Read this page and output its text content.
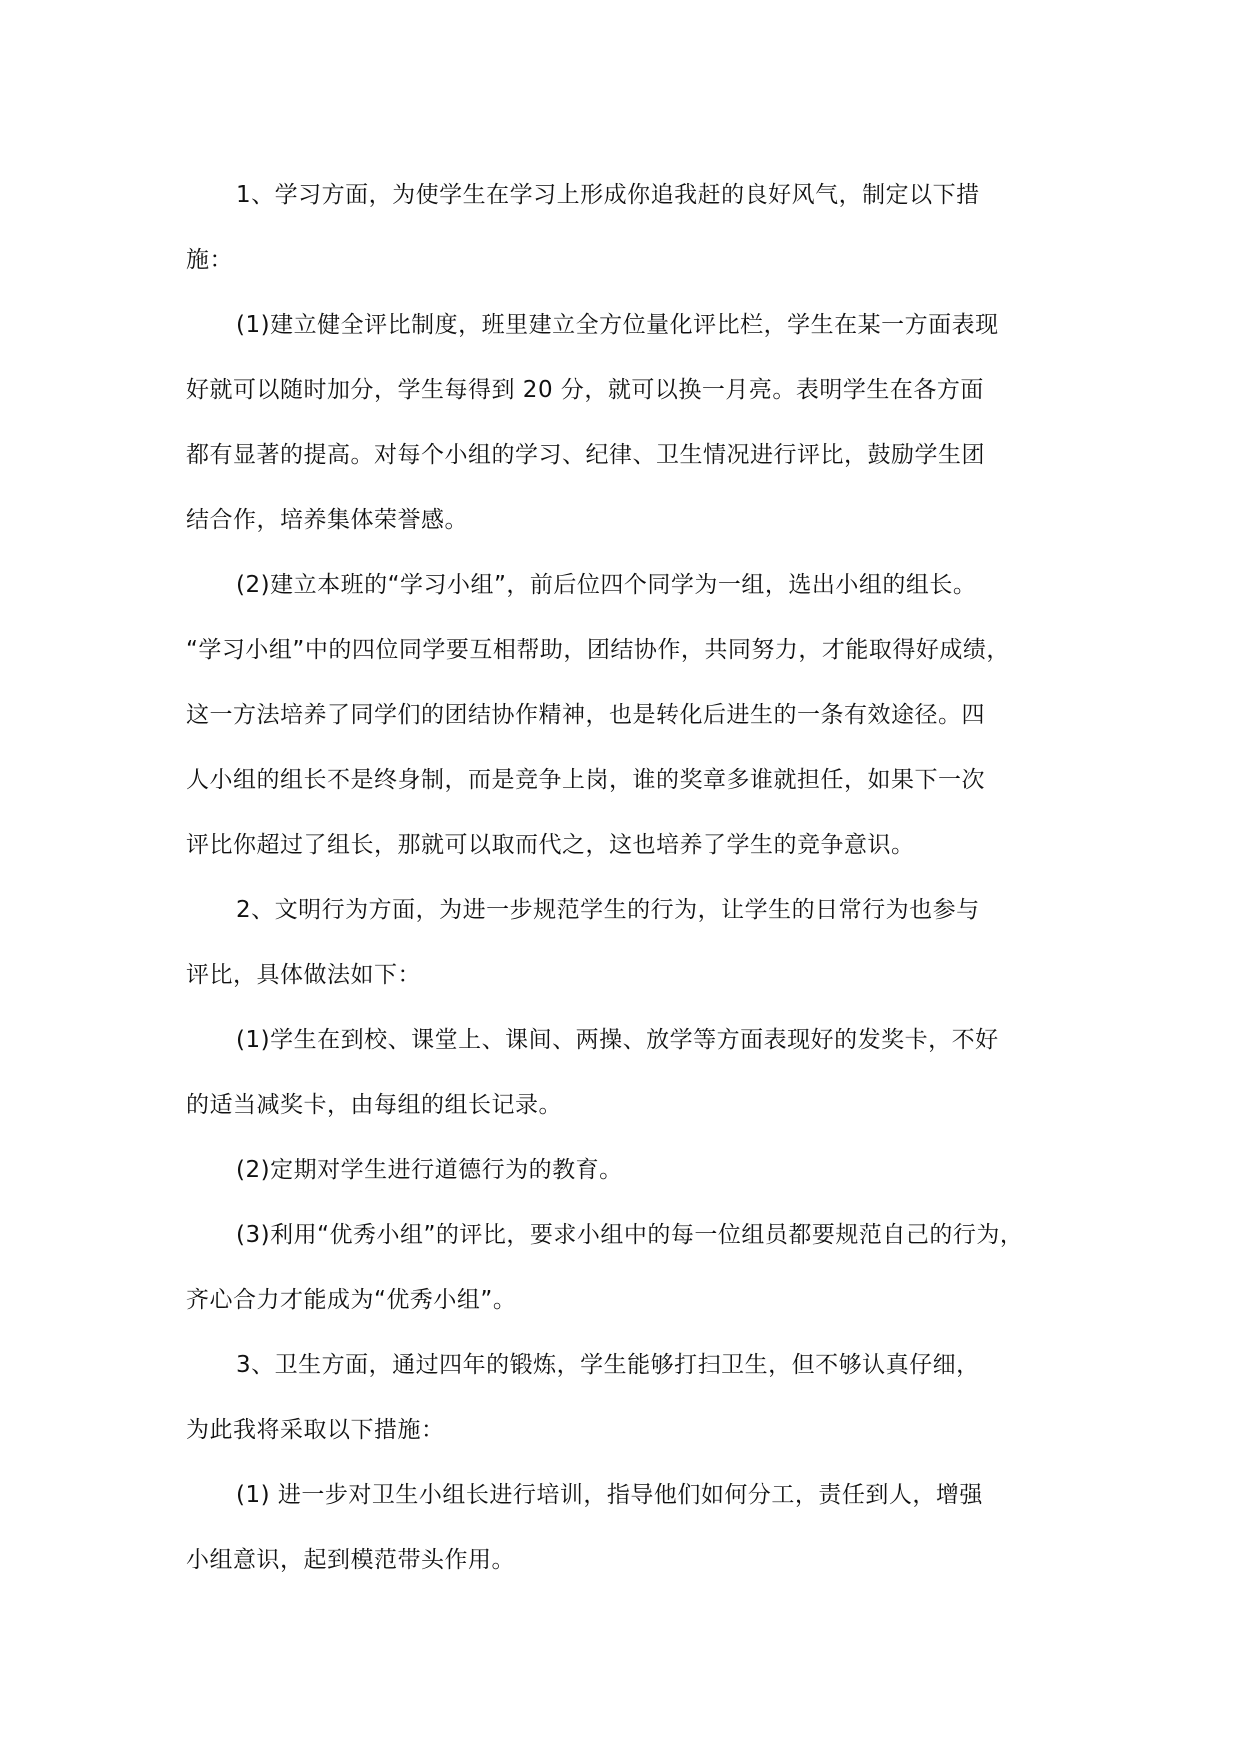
1、学习方面，为使学生在学习上形成你追我赶的良好风气，制定以下措
施：
(1)建立健全评比制度，班里建立全方位量化评比栏，学生在某一方面表现
好就可以随时加分，学生每得到 20 分，就可以换一月亮。表明学生在各方面
都有显著的提高。对每个小组的学习、纪律、卫生情况进行评比，鼓励学生团
结合作，培养集体荣誉感。
(2)建立本班的“学习小组”，前后位四个同学为一组，选出小组的组长。
“学习小组”中的四位同学要互相帮助，团结协作，共同努力，才能取得好成绩，
这一方法培养了同学们的团结协作精神，也是转化后进生的一条有效途径。四
人小组的组长不是终身制，而是竞争上岗，谁的奖章多谁就担任，如果下一次
评比你超过了组长，那就可以取而代之，这也培养了学生的竞争意识。
2、文明行为方面，为进一步规范学生的行为，让学生的日常行为也参与
评比，具体做法如下：
(1)学生在到校、课堂上、课间、两操、放学等方面表现好的发奖卡，不好
的适当减奖卡，由每组的组长记录。
(2)定期对学生进行道德行为的教育。
(3)利用“优秀小组”的评比，要求小组中的每一位组员都要规范自己的行为，
齐心合力才能成为“优秀小组”。
3、卫生方面，通过四年的锻炼，学生能够打扫卫生，但不够认真仔细，
为此我将采取以下措施：
(1) 进一步对卫生小组长进行培训，指导他们如何分工，责任到人，增强
小组意识，起到模范带头作用。
